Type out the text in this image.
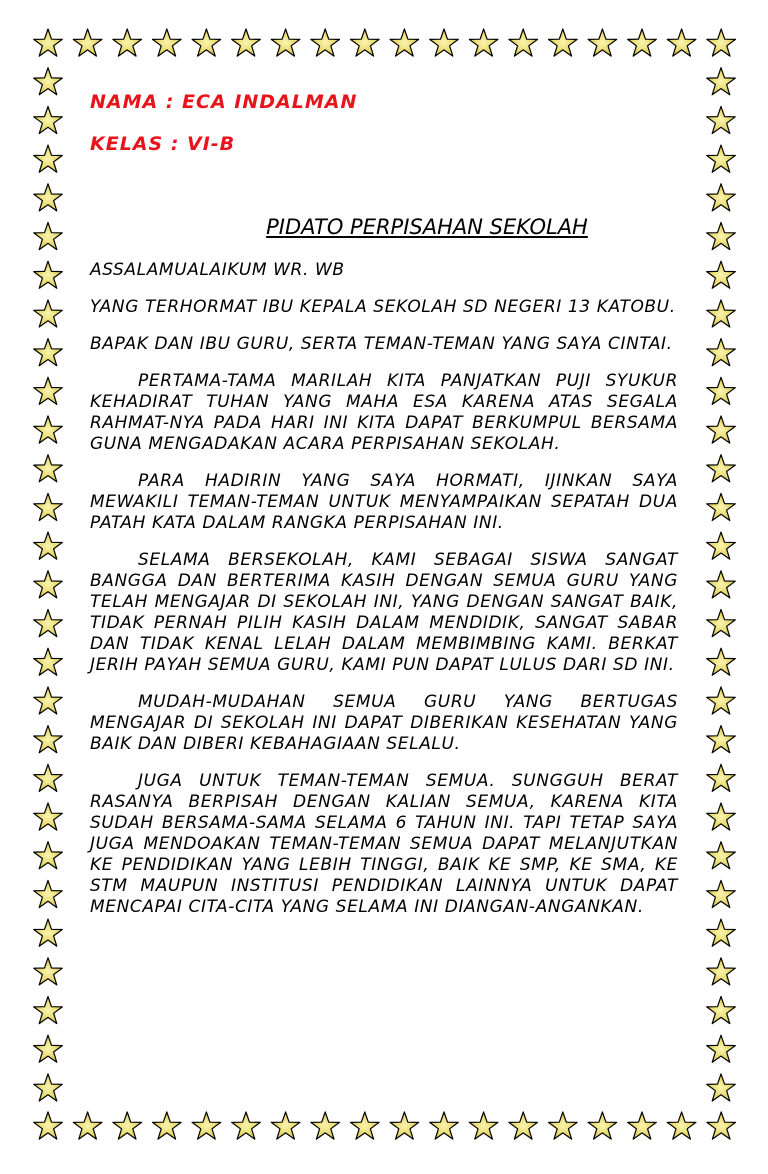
NAMA : ECA INDALMAN

KELAS : VI-B

PIDATO PERPISAHAN SEKOLAH

ASSALAMUALAIKUM WR. WB

YANG TERHORMAT IBU KEPALA SEKOLAH SD NEGERI 13 KATOBU.

BAPAK DAN IBU GURU, SERTA TEMAN-TEMAN YANG SAYA CINTAI.

PERTAMA-TAMA MARILAH KITA PANJATKAN PUJI SYUKUR KEHADIRAT TUHAN YANG MAHA ESA KARENA ATAS SEGALA RAHMAT-NYA PADA HARI INI KITA DAPAT BERKUMPUL BERSAMA GUNA MENGADAKAN ACARA PERPISAHAN SEKOLAH.

PARA HADIRIN YANG SAYA HORMATI, IJINKAN SAYA MEWAKILI TEMAN-TEMAN UNTUK MENYAMPAIKAN SEPATAH DUA PATAH KATA DALAM RANGKA PERPISAHAN INI.

SELAMA BERSEKOLAH, KAMI SEBAGAI SISWA SANGAT BANGGA DAN BERTERIMA KASIH DENGAN SEMUA GURU YANG TELAH MENGAJAR DI SEKOLAH INI, YANG DENGAN SANGAT BAIK, TIDAK PERNAH PILIH KASIH DALAM MENDIDIK, SANGAT SABAR DAN TIDAK KENAL LELAH DALAM MEMBIMBING KAMI. BERKAT JERIH PAYAH SEMUA GURU, KAMI PUN DAPAT LULUS DARI SD INI.

MUDAH-MUDAHAN SEMUA GURU YANG BERTUGAS MENGAJAR DI SEKOLAH INI DAPAT DIBERIKAN KESEHATAN YANG BAIK DAN DIBERI KEBAHAGIAAN SELALU.

JUGA UNTUK TEMAN-TEMAN SEMUA. SUNGGUH BERAT RASANYA BERPISAH DENGAN KALIAN SEMUA, KARENA KITA SUDAH BERSAMA-SAMA SELAMA 6 TAHUN INI. TAPI TETAP SAYA JUGA MENDOAKAN TEMAN-TEMAN SEMUA DAPAT MELANJUTKAN KE PENDIDIKAN YANG LEBIH TINGGI, BAIK KE SMP, KE SMA, KE STM MAUPUN INSTITUSI PENDIDIKAN LAINNYA UNTUK DAPAT MENCAPAI CITA-CITA YANG SELAMA INI DIANGAN-ANGANKAN.
